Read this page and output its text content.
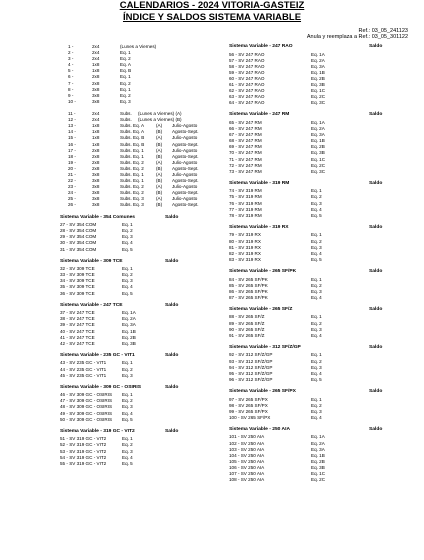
CALENDARIOS - 2024 VITORIA-GASTEIZ
ÍNDICE Y SALDOS SISTEMA VARIABLE
Ref.: 03_05_241123
Anula y reemplaza a Ref.: 03_05_301122
1 -	2x4	(Lunes a Viernes)
2 -	2x4	Eq. 1
3 -	2x4	Eq. 2
4 -	1x8	Eq. A
5 -	1x8	Eq. B
6 -	2x8	Eq. 1
7 -	2x8	Eq. 2
8 -	3x8	Eq. 1
9 -	3x8	Eq. 2
10 -	3x8	Eq. 3
11 -	2x4	Subs. (Lunes a Viernes) (A)
12 -	2x4	Subs. (Lunes a Viernes) (B)
13 -	1x8	Subs. Eq. A	(A) Julio-Agosto
14 -	1x8	Subs. Eq. A	(B) Agosto-Sept.
15 -	1x8	Subs. Eq. B	(A) Julio-Agosto
16 -	1x8	Subs. Eq. B	(B) Agosto-Sept.
17 -	2x8	Subs. Eq. 1	(A) Julio-Agosto
18 -	2x8	Subs. Eq. 1	(B) Agosto-Sept.
19 -	2x8	Subs. Eq. 2	(A) Julio-Agosto
20 -	2x8	Subs. Eq. 2	(B) Agosto-Sept.
21 -	3x8	Subs. Eq. 1	(A) Julio-Agosto
22 -	3x8	Subs. Eq. 1	(B) Agosto-Sept.
23 -	3x8	Subs. Eq. 2	(A) Julio-Agosto
24 -	3x8	Subs. Eq. 2	(B) Agosto-Sept.
25 -	3x8	Subs. Eq. 3	(A) Julio-Agosto
26 -	3x8	Subs. Eq. 3	(B) Agosto-Sept.
Sistema Variable - 354 Comunes	Saldo
27 - SV 354 COM	Eq. 1
28 - SV 354 COM	Eq. 2
29 - SV 354 COM	Eq. 3
30 - SV 354 COM	Eq. 4
31 - SV 354 COM	Eq. 5
Sistema Variable - 309 TCE	Saldo
32 - SV 309 TCE	Eq. 1
33 - SV 309 TCE	Eq. 2
34 - SV 309 TCE	Eq. 3
35 - SV 309 TCE	Eq. 4
36 - SV 309 TCE	Eq. 5
Sistema Variable - 247 TCE	Saldo
37 - SV 247 TCE	Eq. 1A
38 - SV 247 TCE	Eq. 2A
39 - SV 247 TCE	Eq. 3A
40 - SV 247 TCE	Eq. 1B
41 - SV 247 TCE	Eq. 2B
42 - SV 247 TCE	Eq. 3B
Sistema Variable - 235 GC - VIT1	Saldo
43 - SV 235 GC - VIT1	Eq. 1
44 - SV 235 GC - VIT1	Eq. 2
45 - SV 235 GC - VIT1	Eq. 3
Sistema Variable - 309 GC - OSIRIS	Saldo
46 - SV 309 GC - OSIRIS Eq. 1
47 - SV 309 GC - OSIRIS Eq. 2
48 - SV 309 GC - OSIRIS Eq. 3
49 - SV 309 GC - OSIRIS Eq. 4
50 - SV 309 GC - OSIRIS Eq. 5
Sistema Variable - 319 GC - VIT2	Saldo
51 - SV 319 GC - VIT2	Eq. 1
52 - SV 319 GC - VIT2	Eq. 2
53 - SV 319 GC - VIT2	Eq. 3
54 - SV 319 GC - VIT2	Eq. 4
55 - SV 319 GC - VIT2	Eq. 5
Sistema Variable - 247 RAO	Saldo
56 - SV 247 RAO	Eq. 1A
57 - SV 247 RAO	Eq. 2A
58 - SV 247 RAO	Eq. 3A
59 - SV 247 RAO	Eq. 1B
60 - SV 247 RAO	Eq. 2B
61 - SV 247 RAO	Eq. 3B
62 - SV 247 RAO	Eq. 1C
63 - SV 247 RAO	Eq. 2C
64 - SV 247 RAO	Eq. 3C
Sistema Variable - 247 RM	Saldo
65 - SV 247 RM	Eq. 1A
66 - SV 247 RM	Eq. 2A
67 - SV 247 RM	Eq. 3A
68 - SV 247 RM	Eq. 1B
69 - SV 247 RM	Eq. 2B
70 - SV 247 RM	Eq. 3B
71 - SV 247 RM	Eq. 1C
72 - SV 247 RM	Eq. 2C
73 - SV 247 RM	Eq. 3C
Sistema Variable - 319 RM	Saldo
74 - SV 319 RM	Eq. 1
75 - SV 319 RM	Eq. 2
76 - SV 319 RM	Eq. 3
77 - SV 319 RM	Eq. 4
78 - SV 319 RM	Eq. 5
Sistema Variable - 319 RX	Saldo
79 - SV 319 RX	Eq. 1
80 - SV 319 RX	Eq. 2
81 - SV 319 RX	Eq. 3
82 - SV 319 RX	Eq. 4
83 - SV 319 RX	Eq. 5
Sistema Variable - 265 SF/PK	Saldo
84 - SV 265 SF/PK	Eq. 1
85 - SV 265 SF/PK	Eq. 2
86 - SV 265 SF/PK	Eq. 3
87 - SV 265 SF/PK	Eq. 4
Sistema Variable - 265 SF/Z	Saldo
88 - SV 265 SF/Z	Eq. 1
89 - SV 265 SF/Z	Eq. 2
90 - SV 265 SF/Z	Eq. 3
91 - SV 265 SF/Z	Eq. 4
Sistema Variable - 312 SF/Z/GP	Saldo
92 - SV 312 SF/Z/GP	Eq. 1
93 - SV 312 SF/Z/GP	Eq. 2
94 - SV 312 SF/Z/GP	Eq. 3
95 - SV 312 SF/Z/GP	Eq. 4
96 - SV 312 SF/Z/GP	Eq. 5
Sistema Variable - 265 SF/PX	Saldo
97 - SV 265 SF/PX	Eq. 1
98 - SV 265 SF/PX	Eq. 2
99 - SV 265 SF/PX	Eq. 3
100 - SV 265 SF/PX	Eq. 4
Sistema Variable - 250 AIA	Saldo
101 - SV 250 AIA	Eq. 1A
102 - SV 250 AIA	Eq. 2A
103 - SV 250 AIA	Eq. 3A
104 - SV 250 AIA	Eq. 1B
105 - SV 250 AIA	Eq. 2B
106 - SV 250 AIA	Eq. 3B
107 - SV 250 AIA	Eq. 1C
108 - SV 250 AIA	Eq. 2C
